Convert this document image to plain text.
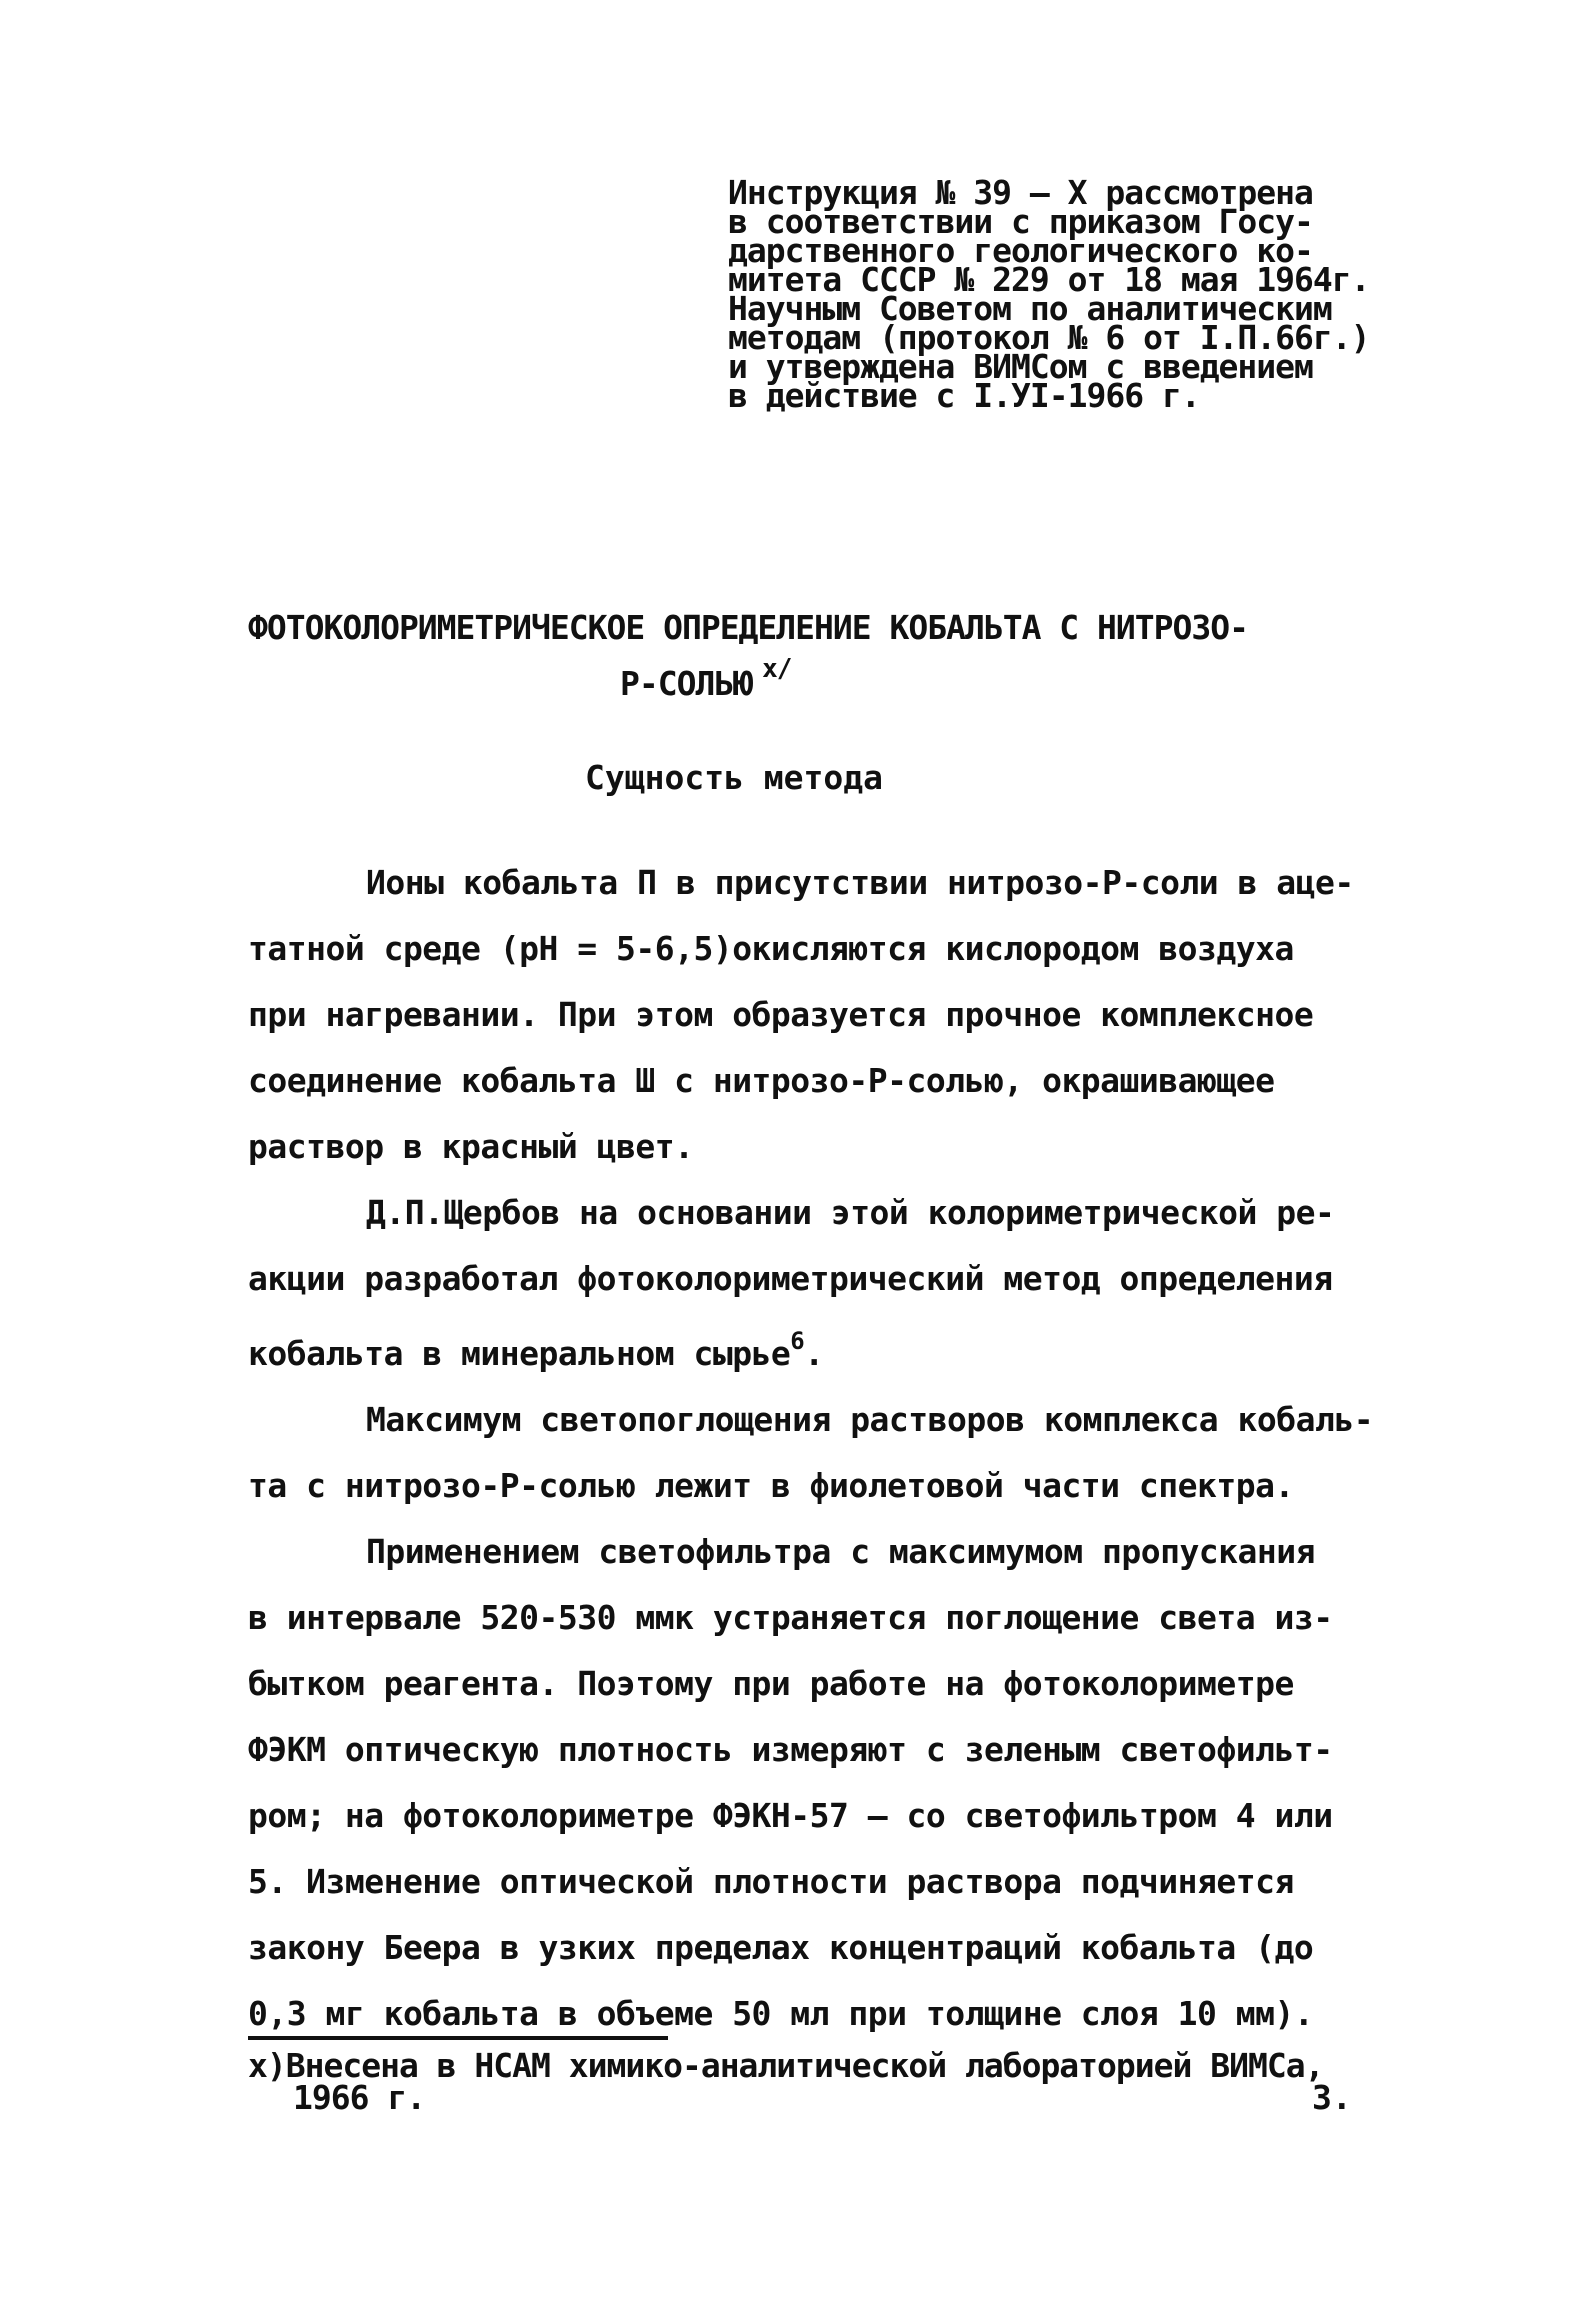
Инструкция № 39 – X рассмотрена
в соответствии с приказом Госу-
дарственного геологического ко-
митета СССР № 229 от 18 мая 1964г.
Научным Советом по аналитическим
методам (протокол № 6 от I.П.66г.)
и утверждена ВИМСом с введением
в действие с I.УI-1966 г.
ФОТОКОЛОРИМЕТРИЧЕСКОЕ ОПРЕДЕЛЕНИЕ КОБАЛЬТА С НИТРОЗО-
Р-СОЛЬЮ $^{x/}$
Сущность метода
Ионы кобальта П в присутствии нитрозо-Р-соли в аце-
татной среде (рН = 5-6,5)окисляются кислородом воздуха
при нагревании. При этом образуется прочное комплексное
соединение кобальта Ш с нитрозо-Р-солью, окрашивающее
раствор в красный цвет.
Д.П.Щербов на основании этой колориметрической ре-
акции разработал фотоколориметрический метод определения
кобальта в минеральном сырье$^6$.
Максимум светопоглощения растворов комплекса кобаль-
та с нитрозо-Р-солью лежит в фиолетовой части спектра.
Применением светофильтра с максимумом пропускания
в интервале 520-530 ммк устраняется поглощение света из-
бытком реагента. Поэтому при работе на фотоколориметре
ФЭКМ оптическую плотность измеряют с зеленым светофильт-
ром; на фотоколориметре ФЭКН-57 – со светофильтром 4 или
5. Изменение оптической плотности раствора подчиняется
закону Беера в узких пределах концентраций кобальта (до
0,3 мг кобальта в объеме 50 мл при толщине слоя 10 мм).
x)Внесена в НСАМ химико-аналитической лабораторией ВИМСа,
1966 г.	3.
